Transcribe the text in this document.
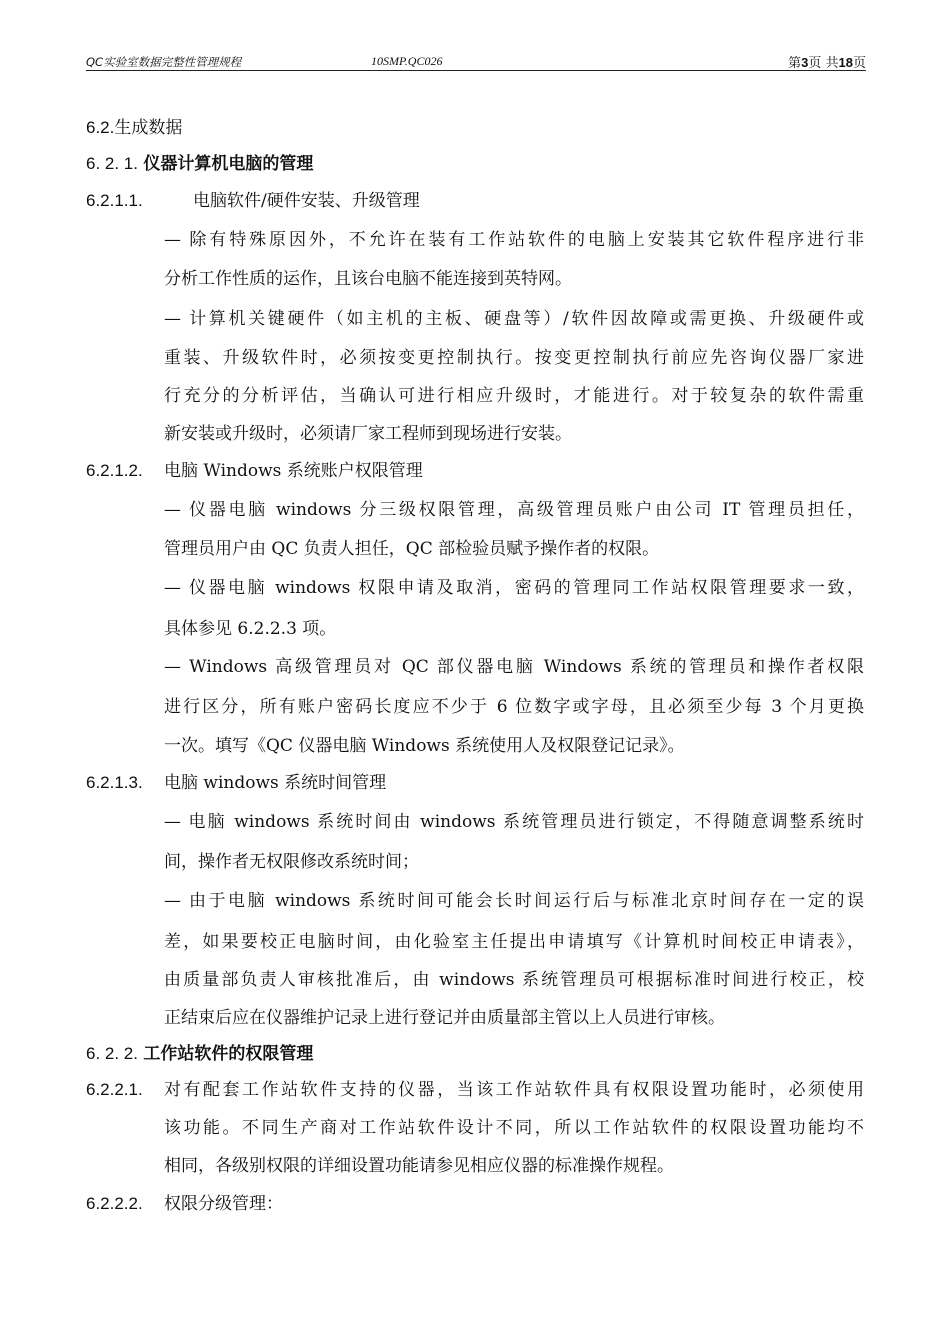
QC实验室数据完整性管理规程	10SMP.QC026	第3页 共18页
6.2.生成数据
6. 2. 1. 仪器计算机电脑的管理
6.2.1.1.	电脑软件/硬件安装、升级管理
— 除有特殊原因外，不允许在装有工作站软件的电脑上安装其它软件程序进行非
分析工作性质的运作，且该台电脑不能连接到英特网。
— 计算机关键硬件（如主机的主板、硬盘等）/软件因故障或需更换、升级硬件或
重装、升级软件时，必须按变更控制执行。按变更控制执行前应先咨询仪器厂家进
行充分的分析评估，当确认可进行相应升级时，才能进行。对于较复杂的软件需重
新安装或升级时，必须请厂家工程师到现场进行安装。
6.2.1.2. 电脑 Windows 系统账户权限管理
— 仪器电脑 windows 分三级权限管理，高级管理员账户由公司 IT 管理员担任，
管理员用户由 QC 负责人担任，QC 部检验员赋予操作者的权限。
— 仪器电脑 windows 权限申请及取消，密码的管理同工作站权限管理要求一致，
具体参见 6.2.2.3 项。
— Windows 高级管理员对 QC 部仪器电脑 Windows 系统的管理员和操作者权限
进行区分，所有账户密码长度应不少于 6 位数字或字母，且必须至少每 3 个月更换
一次。填写《QC 仪器电脑 Windows 系统使用人及权限登记记录》。
6.2.1.3. 电脑 windows 系统时间管理
— 电脑 windows 系统时间由 windows 系统管理员进行锁定，不得随意调整系统时
间，操作者无权限修改系统时间；
— 由于电脑 windows 系统时间可能会长时间运行后与标准北京时间存在一定的误
差，如果要校正电脑时间，由化验室主任提出申请填写《计算机时间校正申请表》，
由质量部负责人审核批准后，由 windows 系统管理员可根据标准时间进行校正，校
正结束后应在仪器维护记录上进行登记并由质量部主管以上人员进行审核。
6. 2. 2. 工作站软件的权限管理
6.2.2.1. 对有配套工作站软件支持的仪器，当该工作站软件具有权限设置功能时，必须使用
该功能。不同生产商对工作站软件设计不同，所以工作站软件的权限设置功能均不
相同，各级别权限的详细设置功能请参见相应仪器的标准操作规程。
6.2.2.2. 权限分级管理：
